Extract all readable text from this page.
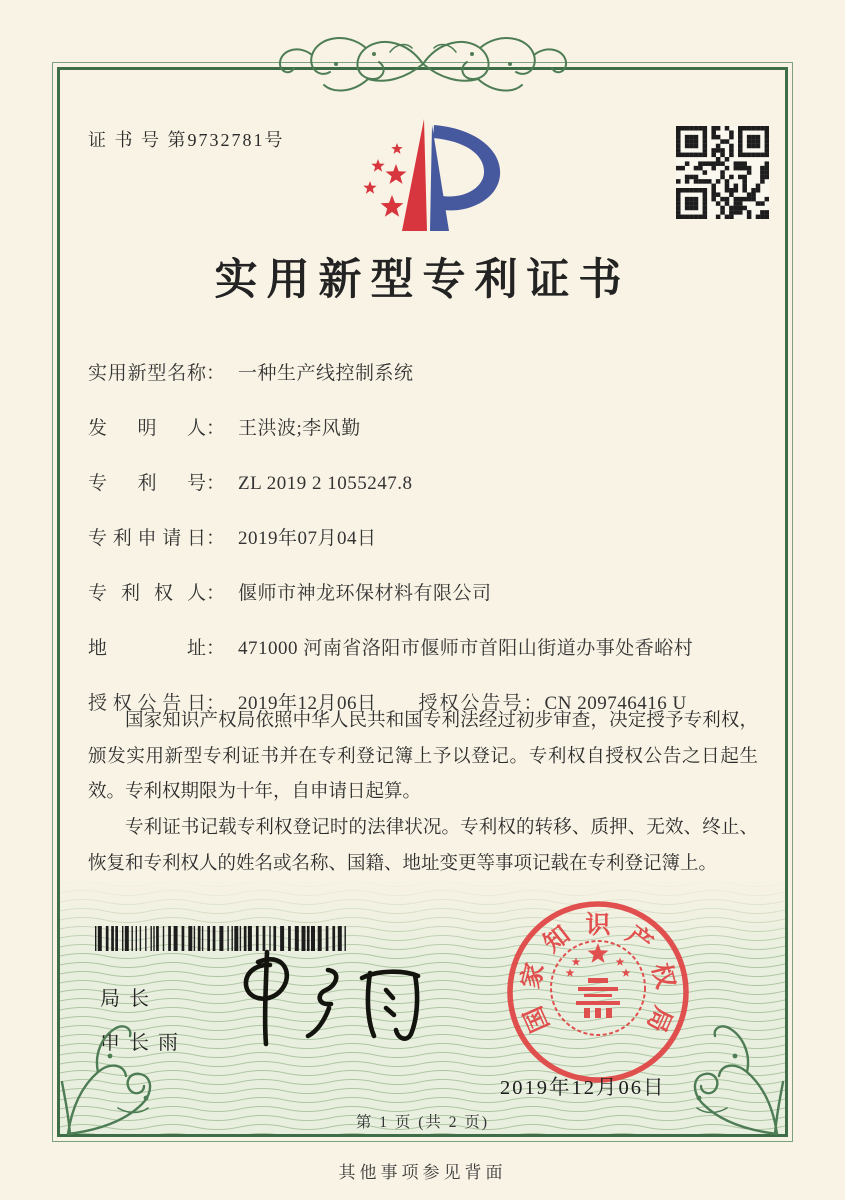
证 书 号 第9732781号
实用新型专利证书
实 用 新 型 名 称 ： 一种生产线控制系统
发 明 人 ： 王洪波;李风勤
专 利 号 ： ZL 2019 2 1055247.8
专 利 申 请 日 ： 2019年07月04日
专 利 权 人 ： 偃师市神龙环保材料有限公司
地	址 ： 471000 河南省洛阳市偃师市首阳山街道办事处香峪村
授 权 公 告 日 ： 2019年12月06日 授权公告号： CN 209746416 U

国家知识产权局依照中华人民共和国专利法经过初步审查，决定授予专利权，颁发实用新型专利证书并在专利登记簿上予以登记。专利权自授权公告之日起生效。专利权期限为十年，自申请日起算。

专利证书记载专利权登记时的法律状况。专利权的转移、质押、无效、终止、恢复和专利权人的姓名或名称、国籍、地址变更等事项记载在专利登记簿上。

局长
申长雨
国
家
知 识 产
权
局
2019年12月06日
第 1 页 (共 2 页)
其他事项参见背面
